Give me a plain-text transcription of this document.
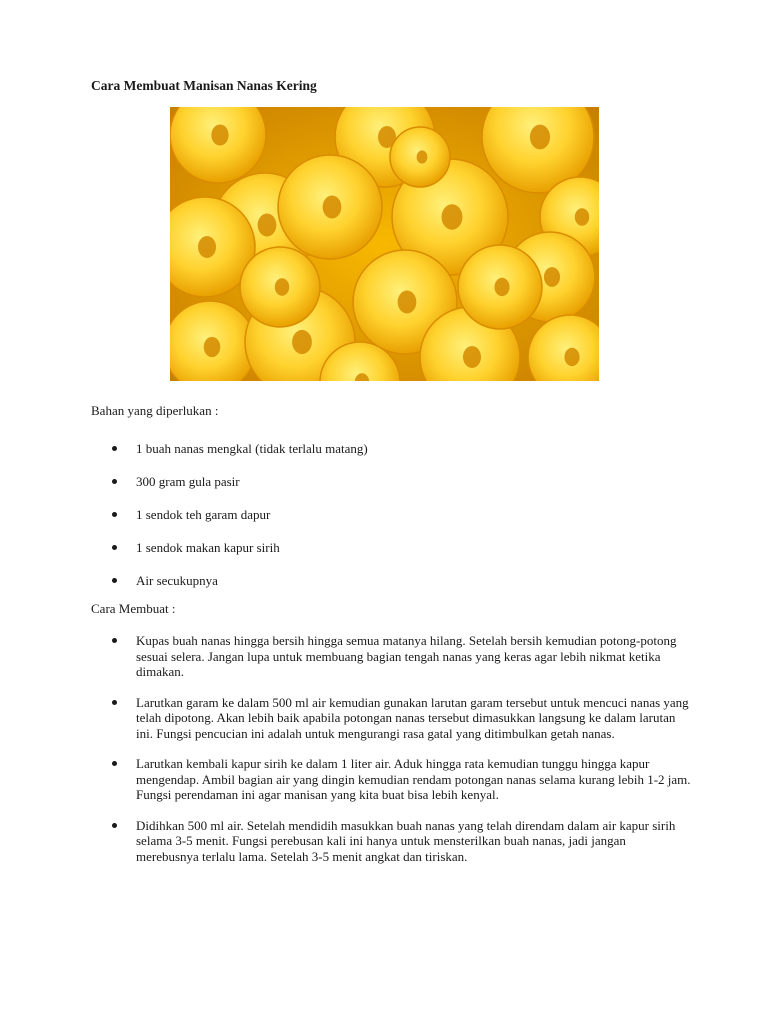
Cara Membuat Manisan Nanas Kering

Bahan yang diperlukan :

1 buah nanas mengkal (tidak terlalu matang)
300 gram gula pasir
1 sendok teh garam dapur
1 sendok makan kapur sirih
Air secukupnya

Cara Membuat :

Kupas buah nanas hingga bersih hingga semua matanya hilang. Setelah bersih kemudian potong-potong sesuai selera. Jangan lupa untuk membuang bagian tengah nanas yang keras agar lebih nikmat ketika dimakan.
Larutkan garam ke dalam 500 ml air kemudian gunakan larutan garam tersebut untuk mencuci nanas yang telah dipotong. Akan lebih baik apabila potongan nanas tersebut dimasukkan langsung ke dalam larutan ini. Fungsi pencucian ini adalah untuk mengurangi rasa gatal yang ditimbulkan getah nanas.
Larutkan kembali kapur sirih ke dalam 1 liter air. Aduk hingga rata kemudian tunggu hingga kapur mengendap. Ambil bagian air yang dingin kemudian rendam potongan nanas selama kurang lebih 1-2 jam. Fungsi perendaman ini agar manisan yang kita buat bisa lebih kenyal.
Didihkan 500 ml air. Setelah mendidih masukkan buah nanas yang telah direndam dalam air kapur sirih selama 3-5 menit. Fungsi perebusan kali ini hanya untuk mensterilkan buah nanas, jadi jangan merebusnya terlalu lama. Setelah 3-5 menit angkat dan tiriskan.
